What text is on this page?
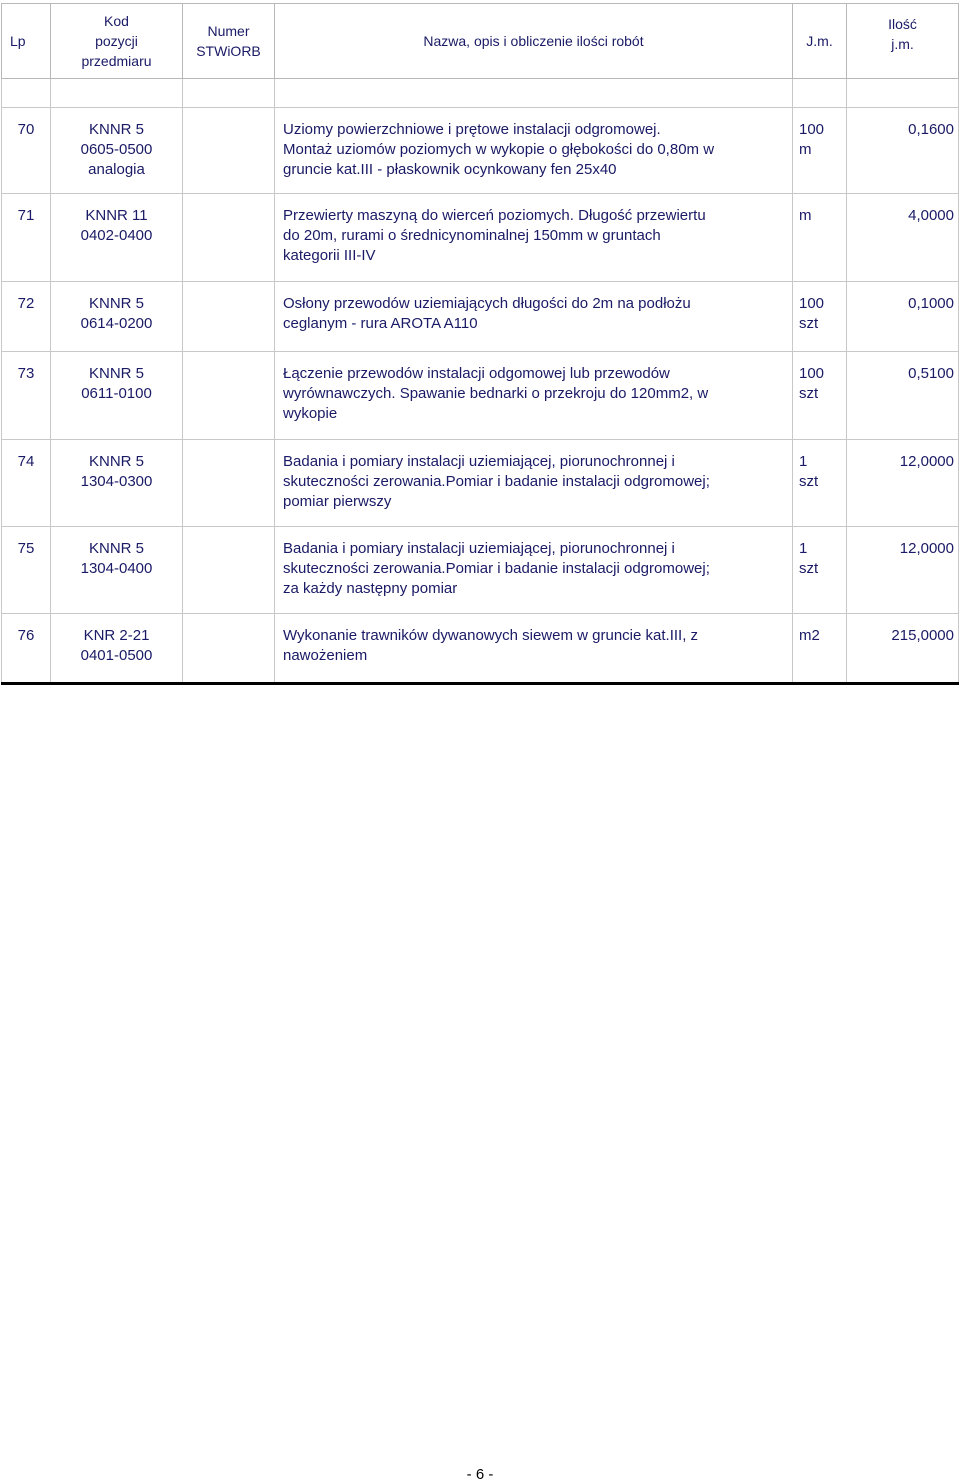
Lp	Kod
pozycji
przedmiaru	Numer
STWiORB	Nazwa, opis i obliczenie ilości robót	J.m.	Ilość
j.m.

70	KNNR 5
0605-0500
analogia		Uziomy powierzchniowe i prętowe instalacji odgromowej.
Montaż uziomów poziomych w wykopie o głębokości do 0,80m w
gruncie kat.III - płaskownik ocynkowany fen 25x40	100
m	0,1600
71	KNNR 11
0402-0400		Przewierty maszyną do wierceń poziomych. Długość przewiertu
do 20m, rurami o średnicynominalnej 150mm w gruntach
kategorii III-IV	m	4,0000
72	KNNR 5
0614-0200		Osłony przewodów uziemiających długości do 2m na podłożu
ceglanym - rura AROTA A110	100
szt	0,1000
73	KNNR 5
0611-0100		Łączenie przewodów instalacji odgomowej lub przewodów
wyrównawczych. Spawanie bednarki o przekroju do 120mm2, w
wykopie	100
szt	0,5100
74	KNNR 5
1304-0300		Badania i pomiary instalacji uziemiającej, piorunochronnej i
skuteczności zerowania.Pomiar i badanie instalacji odgromowej;
pomiar pierwszy	1
szt	12,0000
75	KNNR 5
1304-0400		Badania i pomiary instalacji uziemiającej, piorunochronnej i
skuteczności zerowania.Pomiar i badanie instalacji odgromowej;
za każdy następny pomiar	1
szt	12,0000
76	KNR 2-21
0401-0500		Wykonanie trawników dywanowych siewem w gruncie kat.III, z
nawożeniem	m2	215,0000
- 6 -
